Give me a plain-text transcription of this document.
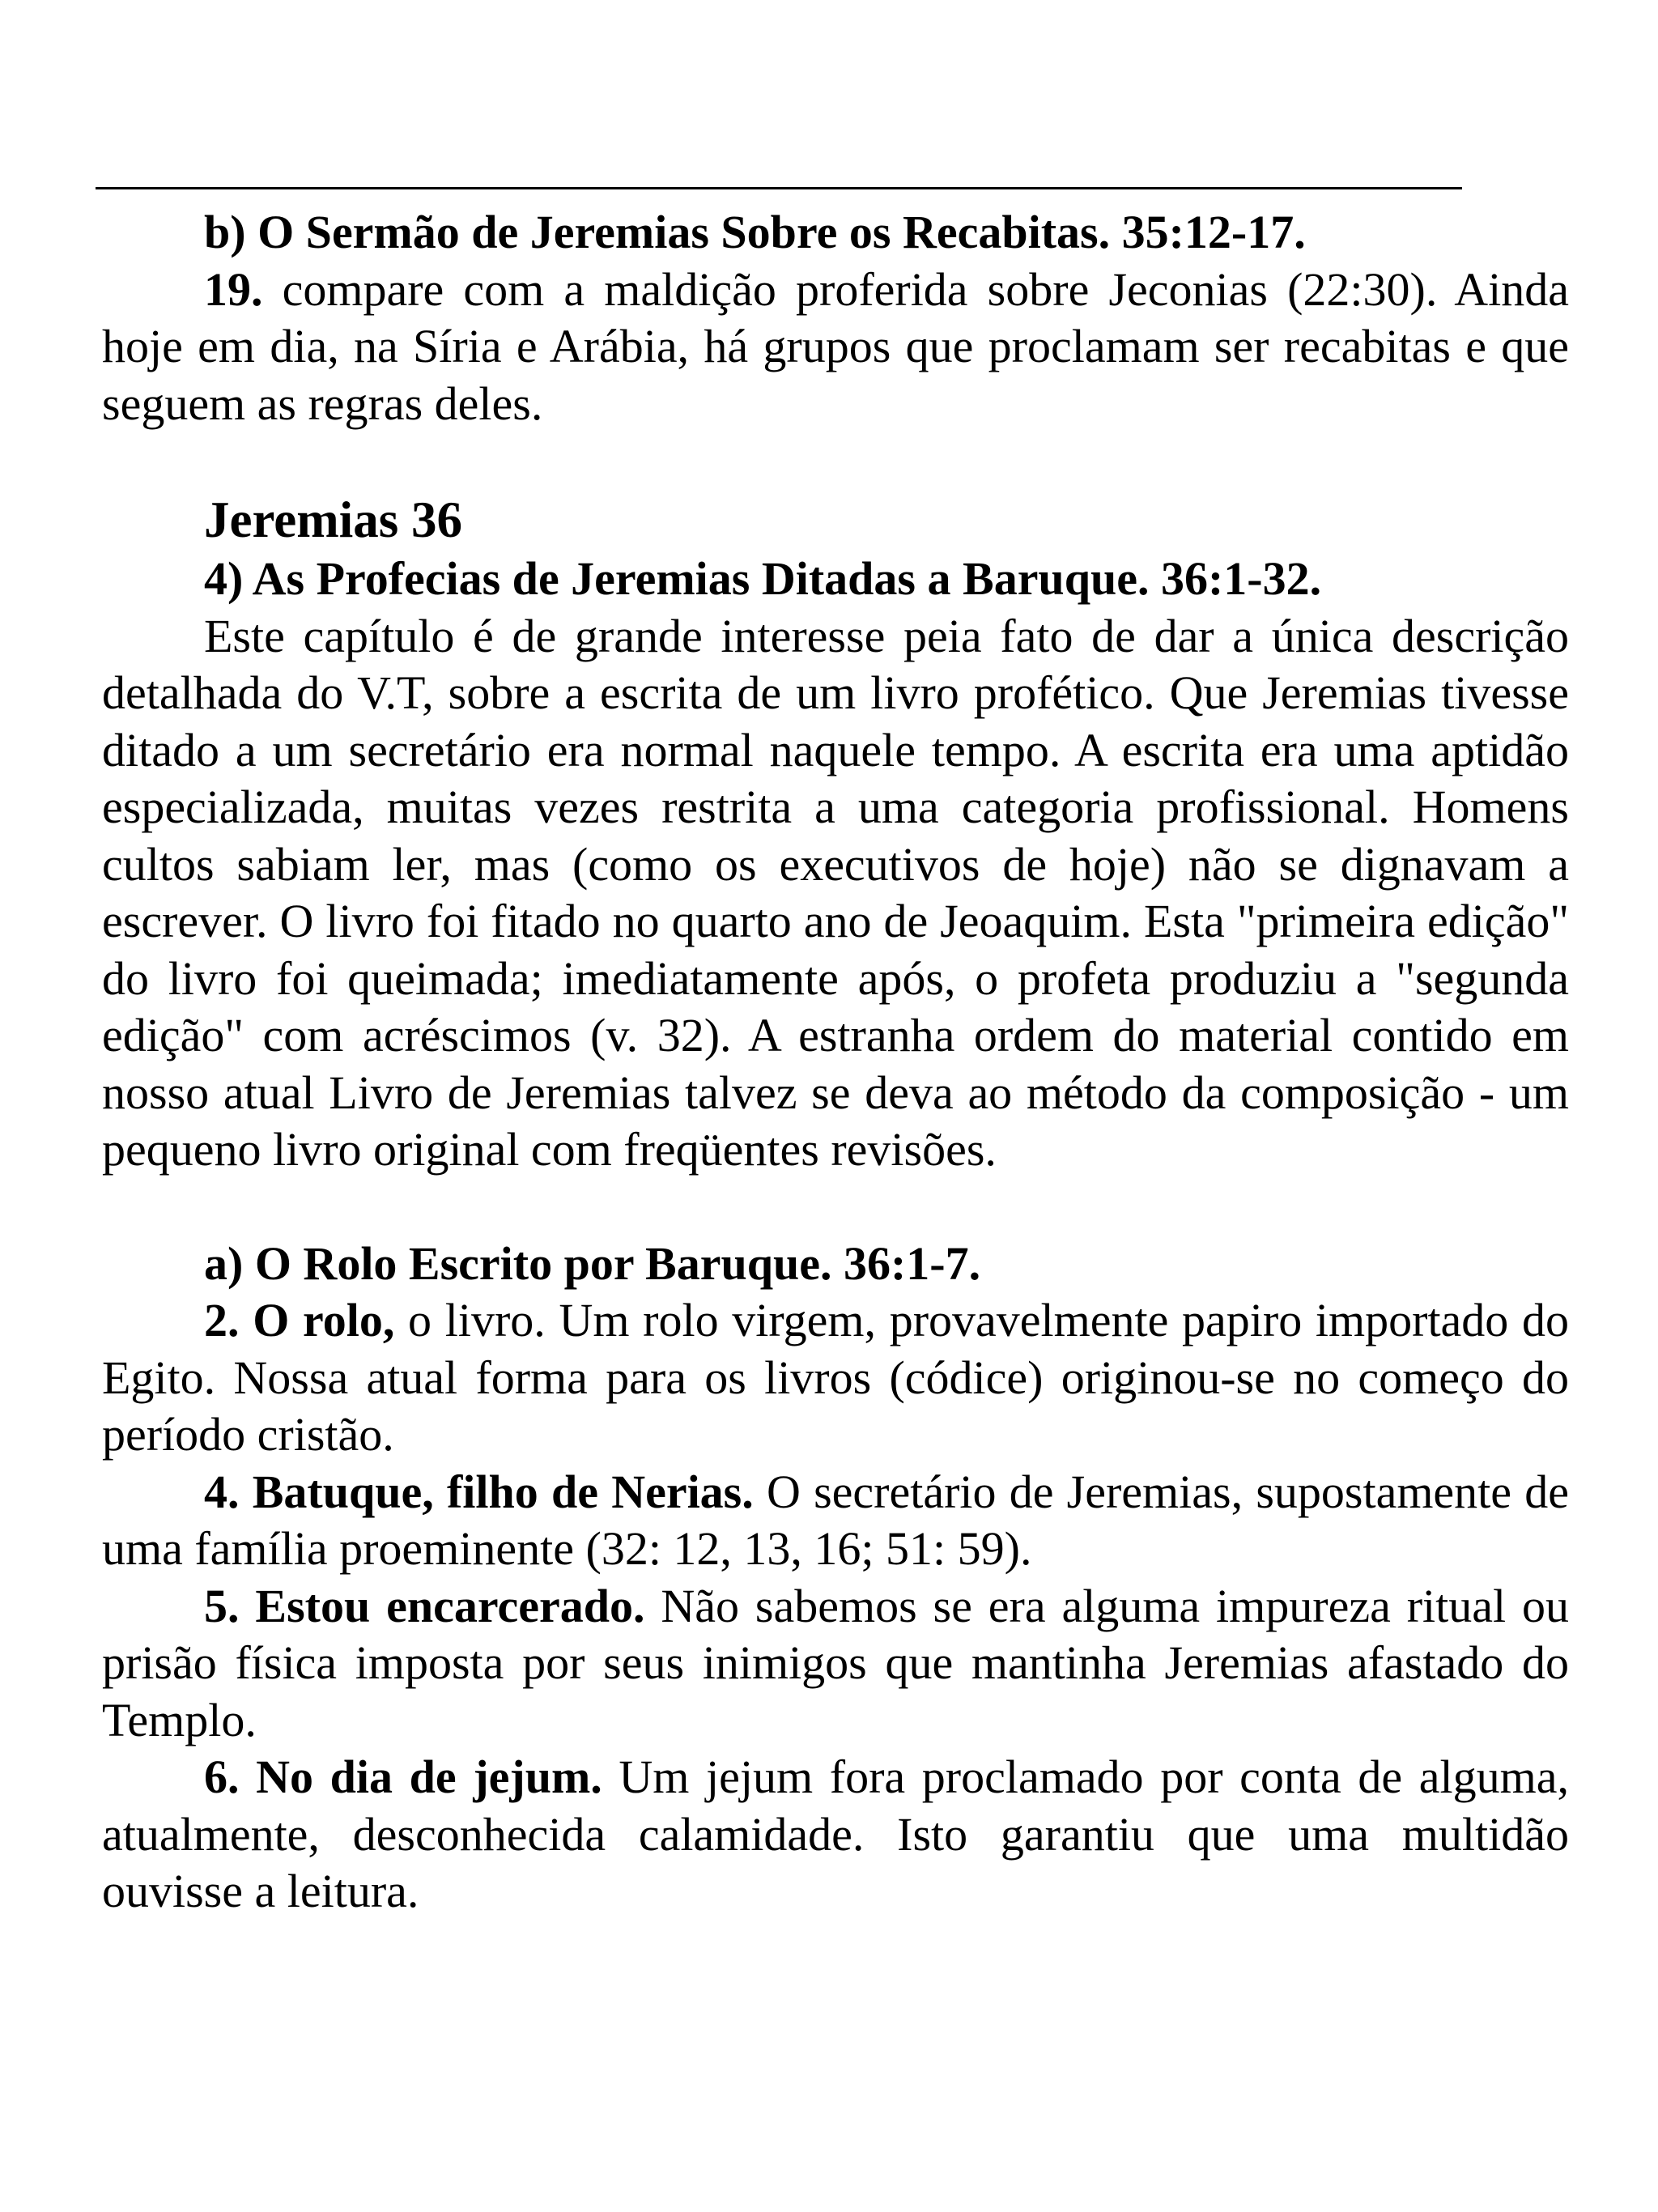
b) O Sermão de Jeremias Sobre os Recabitas. 35:12-17.

19. compare com a maldição proferida sobre Jeconias (22:30). Ainda hoje em dia, na Síria e Arábia, há grupos que proclamam ser recabitas e que seguem as regras deles.

Jeremias 36

4) As Profecias de Jeremias Ditadas a Baruque. 36:1-32.

Este capítulo é de grande interesse peia fato de dar a única descrição detalhada do V.T, sobre a escrita de um livro profético. Que Jeremias tivesse ditado a um secretário era normal naquele tempo. A escrita era uma aptidão especializada, muitas vezes restrita a uma categoria profissional. Homens cultos sabiam ler, mas (como os executivos de hoje) não se dignavam a escrever. O livro foi fitado no quarto ano de Jeoaquim. Esta "primeira edição" do livro foi queimada; imediatamente após, o profeta produziu a "segunda edição" com acréscimos (v. 32). A estranha ordem do material contido em nosso atual Livro de Jeremias talvez se deva ao método da composição - um pequeno livro original com freqüentes revisões.

a) O Rolo Escrito por Baruque. 36:1-7.

2. O rolo, o livro. Um rolo virgem, provavelmente papiro importado do Egito. Nossa atual forma para os livros (códice) originou-se no começo do período cristão.

4. Batuque, filho de Nerias. O secretário de Jeremias, supostamente de uma família proeminente (32: 12, 13, 16; 51: 59).

5. Estou encarcerado. Não sabemos se era alguma impureza ritual ou prisão física imposta por seus inimigos que mantinha Jeremias afastado do Templo.

6. No dia de jejum. Um jejum fora proclamado por conta de alguma, atualmente, desconhecida calamidade. Isto garantiu que uma multidão ouvisse a leitura.
